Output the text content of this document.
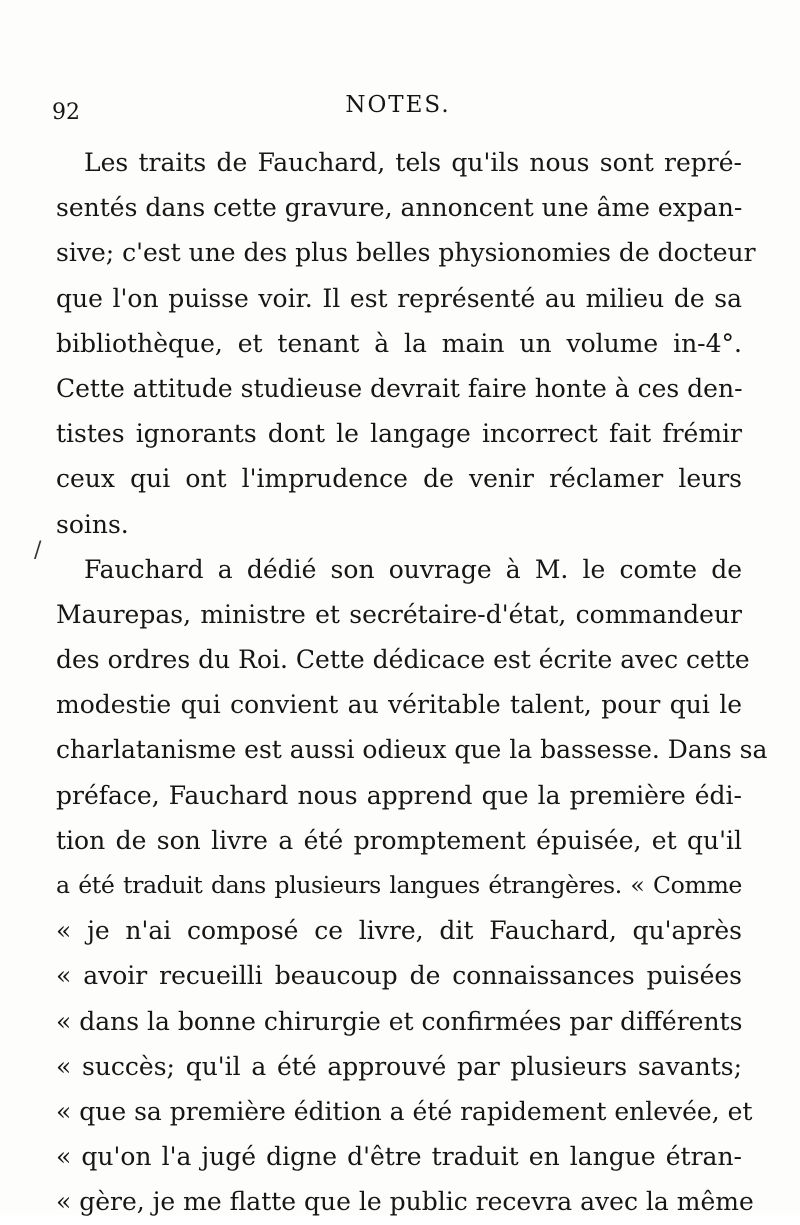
92	NOTES.
/

Les traits de Fauchard, tels qu'ils nous sont repré-
sentés dans cette gravure, annoncent une âme expan-
sive; c'est une des plus belles physionomies de docteur
que l'on puisse voir. Il est représenté au milieu de sa
bibliothèque, et tenant à la main un volume in-4°.
Cette attitude studieuse devrait faire honte à ces den-
tistes ignorants dont le langage incorrect fait frémir
ceux qui ont l'imprudence de venir réclamer leurs
soins.

Fauchard a dédié son ouvrage à M. le comte de
Maurepas, ministre et secrétaire-d'état, commandeur
des ordres du Roi. Cette dédicace est écrite avec cette
modestie qui convient au véritable talent, pour qui le
charlatanisme est aussi odieux que la bassesse. Dans sa
préface, Fauchard nous apprend que la première édi-
tion de son livre a été promptement épuisée, et qu'il
a été traduit dans plusieurs langues étrangères. « Comme
« je n'ai composé ce livre, dit Fauchard, qu'après
« avoir recueilli beaucoup de connaissances puisées
« dans la bonne chirurgie et confirmées par différents
« succès; qu'il a été approuvé par plusieurs savants;
« que sa première édition a été rapidement enlevée, et
« qu'on l'a jugé digne d'être traduit en langue étran-
« gère, je me flatte que le public recevra avec la même
